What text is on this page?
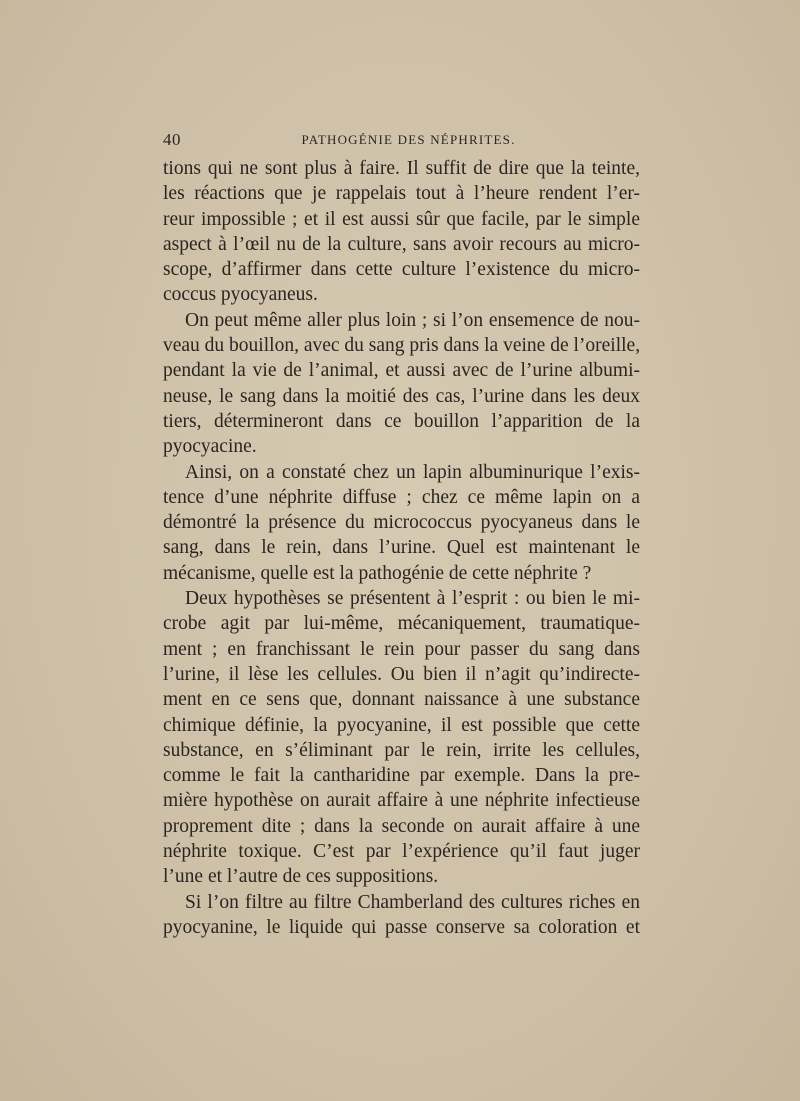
40	PATHOGÉNIE DES NÉPHRITES.
tions qui ne sont plus à faire. Il suffit de dire que la teinte,
les réactions que je rappelais tout à l’heure rendent l’er-
reur impossible ; et il est aussi sûr que facile, par le simple
aspect à l’œil nu de la culture, sans avoir recours au micro-
scope, d’affirmer dans cette culture l’existence du micro-
coccus pyocyaneus.
On peut même aller plus loin ; si l’on ensemence de nou-
veau du bouillon, avec du sang pris dans la veine de l’oreille,
pendant la vie de l’animal, et aussi avec de l’urine albumi-
neuse, le sang dans la moitié des cas, l’urine dans les deux
tiers, détermineront dans ce bouillon l’apparition de la
pyocyacine.
Ainsi, on a constaté chez un lapin albuminurique l’exis-
tence d’une néphrite diffuse ; chez ce même lapin on a
démontré la présence du micrococcus pyocyaneus dans le
sang, dans le rein, dans l’urine. Quel est maintenant le
mécanisme, quelle est la pathogénie de cette néphrite ?
Deux hypothèses se présentent à l’esprit : ou bien le mi-
crobe agit par lui-même, mécaniquement, traumatique-
ment ; en franchissant le rein pour passer du sang dans
l’urine, il lèse les cellules. Ou bien il n’agit qu’indirecte-
ment en ce sens que, donnant naissance à une substance
chimique définie, la pyocyanine, il est possible que cette
substance, en s’éliminant par le rein, irrite les cellules,
comme le fait la cantharidine par exemple. Dans la pre-
mière hypothèse on aurait affaire à une néphrite infectieuse
proprement dite ; dans la seconde on aurait affaire à une
néphrite toxique. C’est par l’expérience qu’il faut juger
l’une et l’autre de ces suppositions.
Si l’on filtre au filtre Chamberland des cultures riches en
pyocyanine, le liquide qui passe conserve sa coloration et
